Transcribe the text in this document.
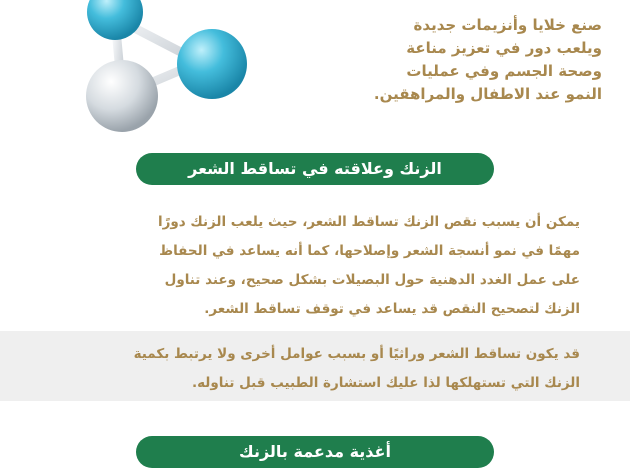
صنع خلايا وأنزيمات جديدة
ويلعب دور في تعزيز مناعة
وصحة الجسم وفي عمليات
النمو عند الاطفال والمراهقين.
الزنك وعلاقته في تساقط الشعر
يمكن أن يسبب نقص الزنك تساقط الشعر، حيث يلعب الزنك دورًا
مهمًا في نمو أنسجة الشعر وإصلاحها، كما أنه يساعد في الحفاظ
على عمل الغدد الدهنية حول البصيلات بشكل صحيح، وعند تناول
الزنك لتصحيح النقص قد يساعد في توقف تساقط الشعر.
قد يكون تساقط الشعر وراثيًا أو بسبب عوامل أخرى ولا يرتبط بكمية
الزنك التي تستهلكها لذا عليك استشارة الطبيب قبل تناوله.
أغذية مدعمة بالزنك
